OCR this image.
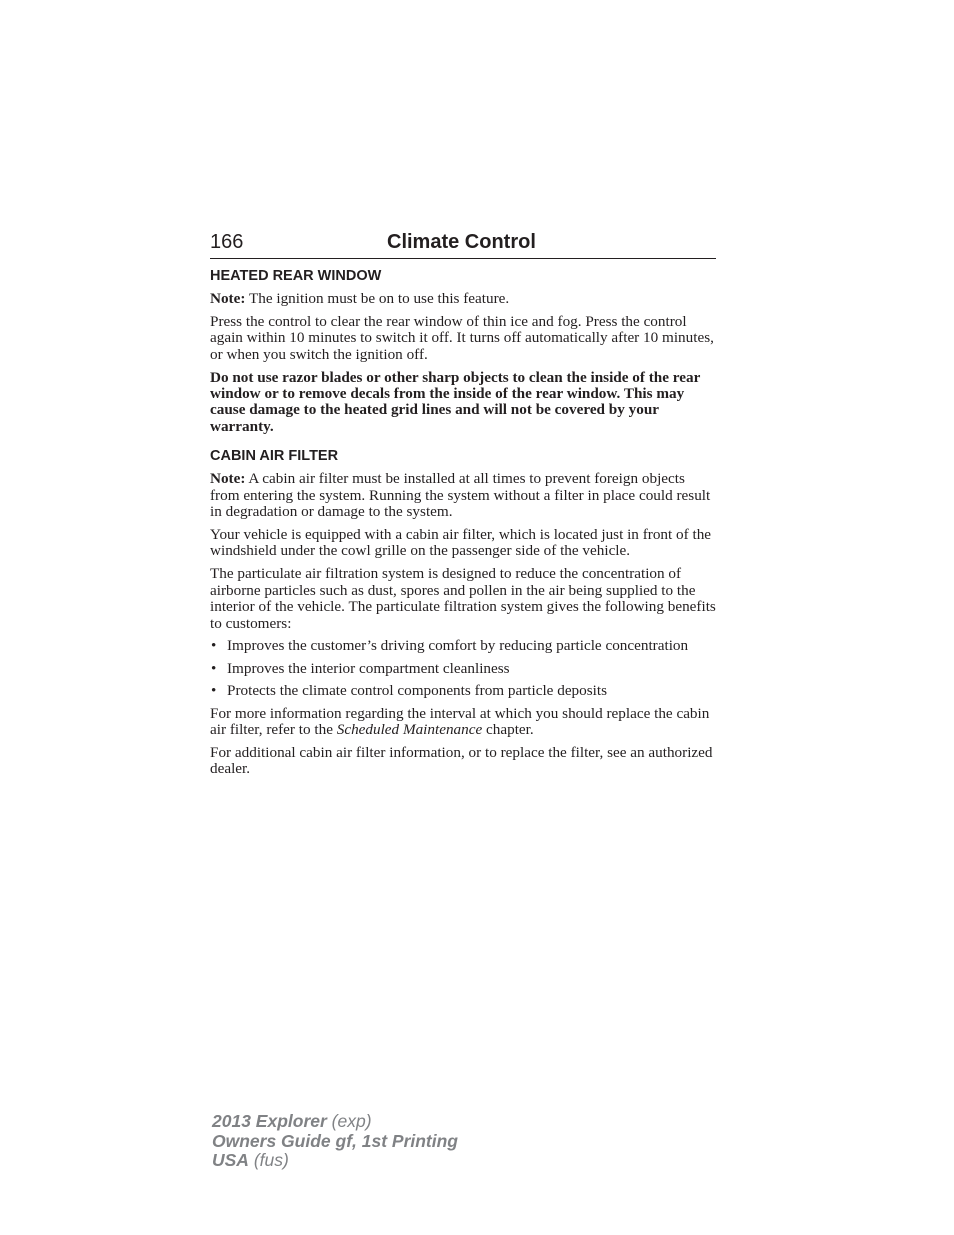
166	Climate Control
HEATED REAR WINDOW

Note: The ignition must be on to use this feature.

Press the control to clear the rear window of thin ice and fog. Press the control again within 10 minutes to switch it off. It turns off automatically after 10 minutes, or when you switch the ignition off.

Do not use razor blades or other sharp objects to clean the inside of the rear window or to remove decals from the inside of the rear window. This may cause damage to the heated grid lines and will not be covered by your warranty.

CABIN AIR FILTER

Note: A cabin air filter must be installed at all times to prevent foreign objects from entering the system. Running the system without a filter in place could result in degradation or damage to the system.

Your vehicle is equipped with a cabin air filter, which is located just in front of the windshield under the cowl grille on the passenger side of the vehicle.

The particulate air filtration system is designed to reduce the concentration of airborne particles such as dust, spores and pollen in the air being supplied to the interior of the vehicle. The particulate filtration system gives the following benefits to customers:

• Improves the customer’s driving comfort by reducing particle concentration
• Improves the interior compartment cleanliness
• Protects the climate control components from particle deposits

For more information regarding the interval at which you should replace the cabin air filter, refer to the Scheduled Maintenance chapter.

For additional cabin air filter information, or to replace the filter, see an authorized dealer.

2013 Explorer (exp)
Owners Guide gf, 1st Printing
USA (fus)
